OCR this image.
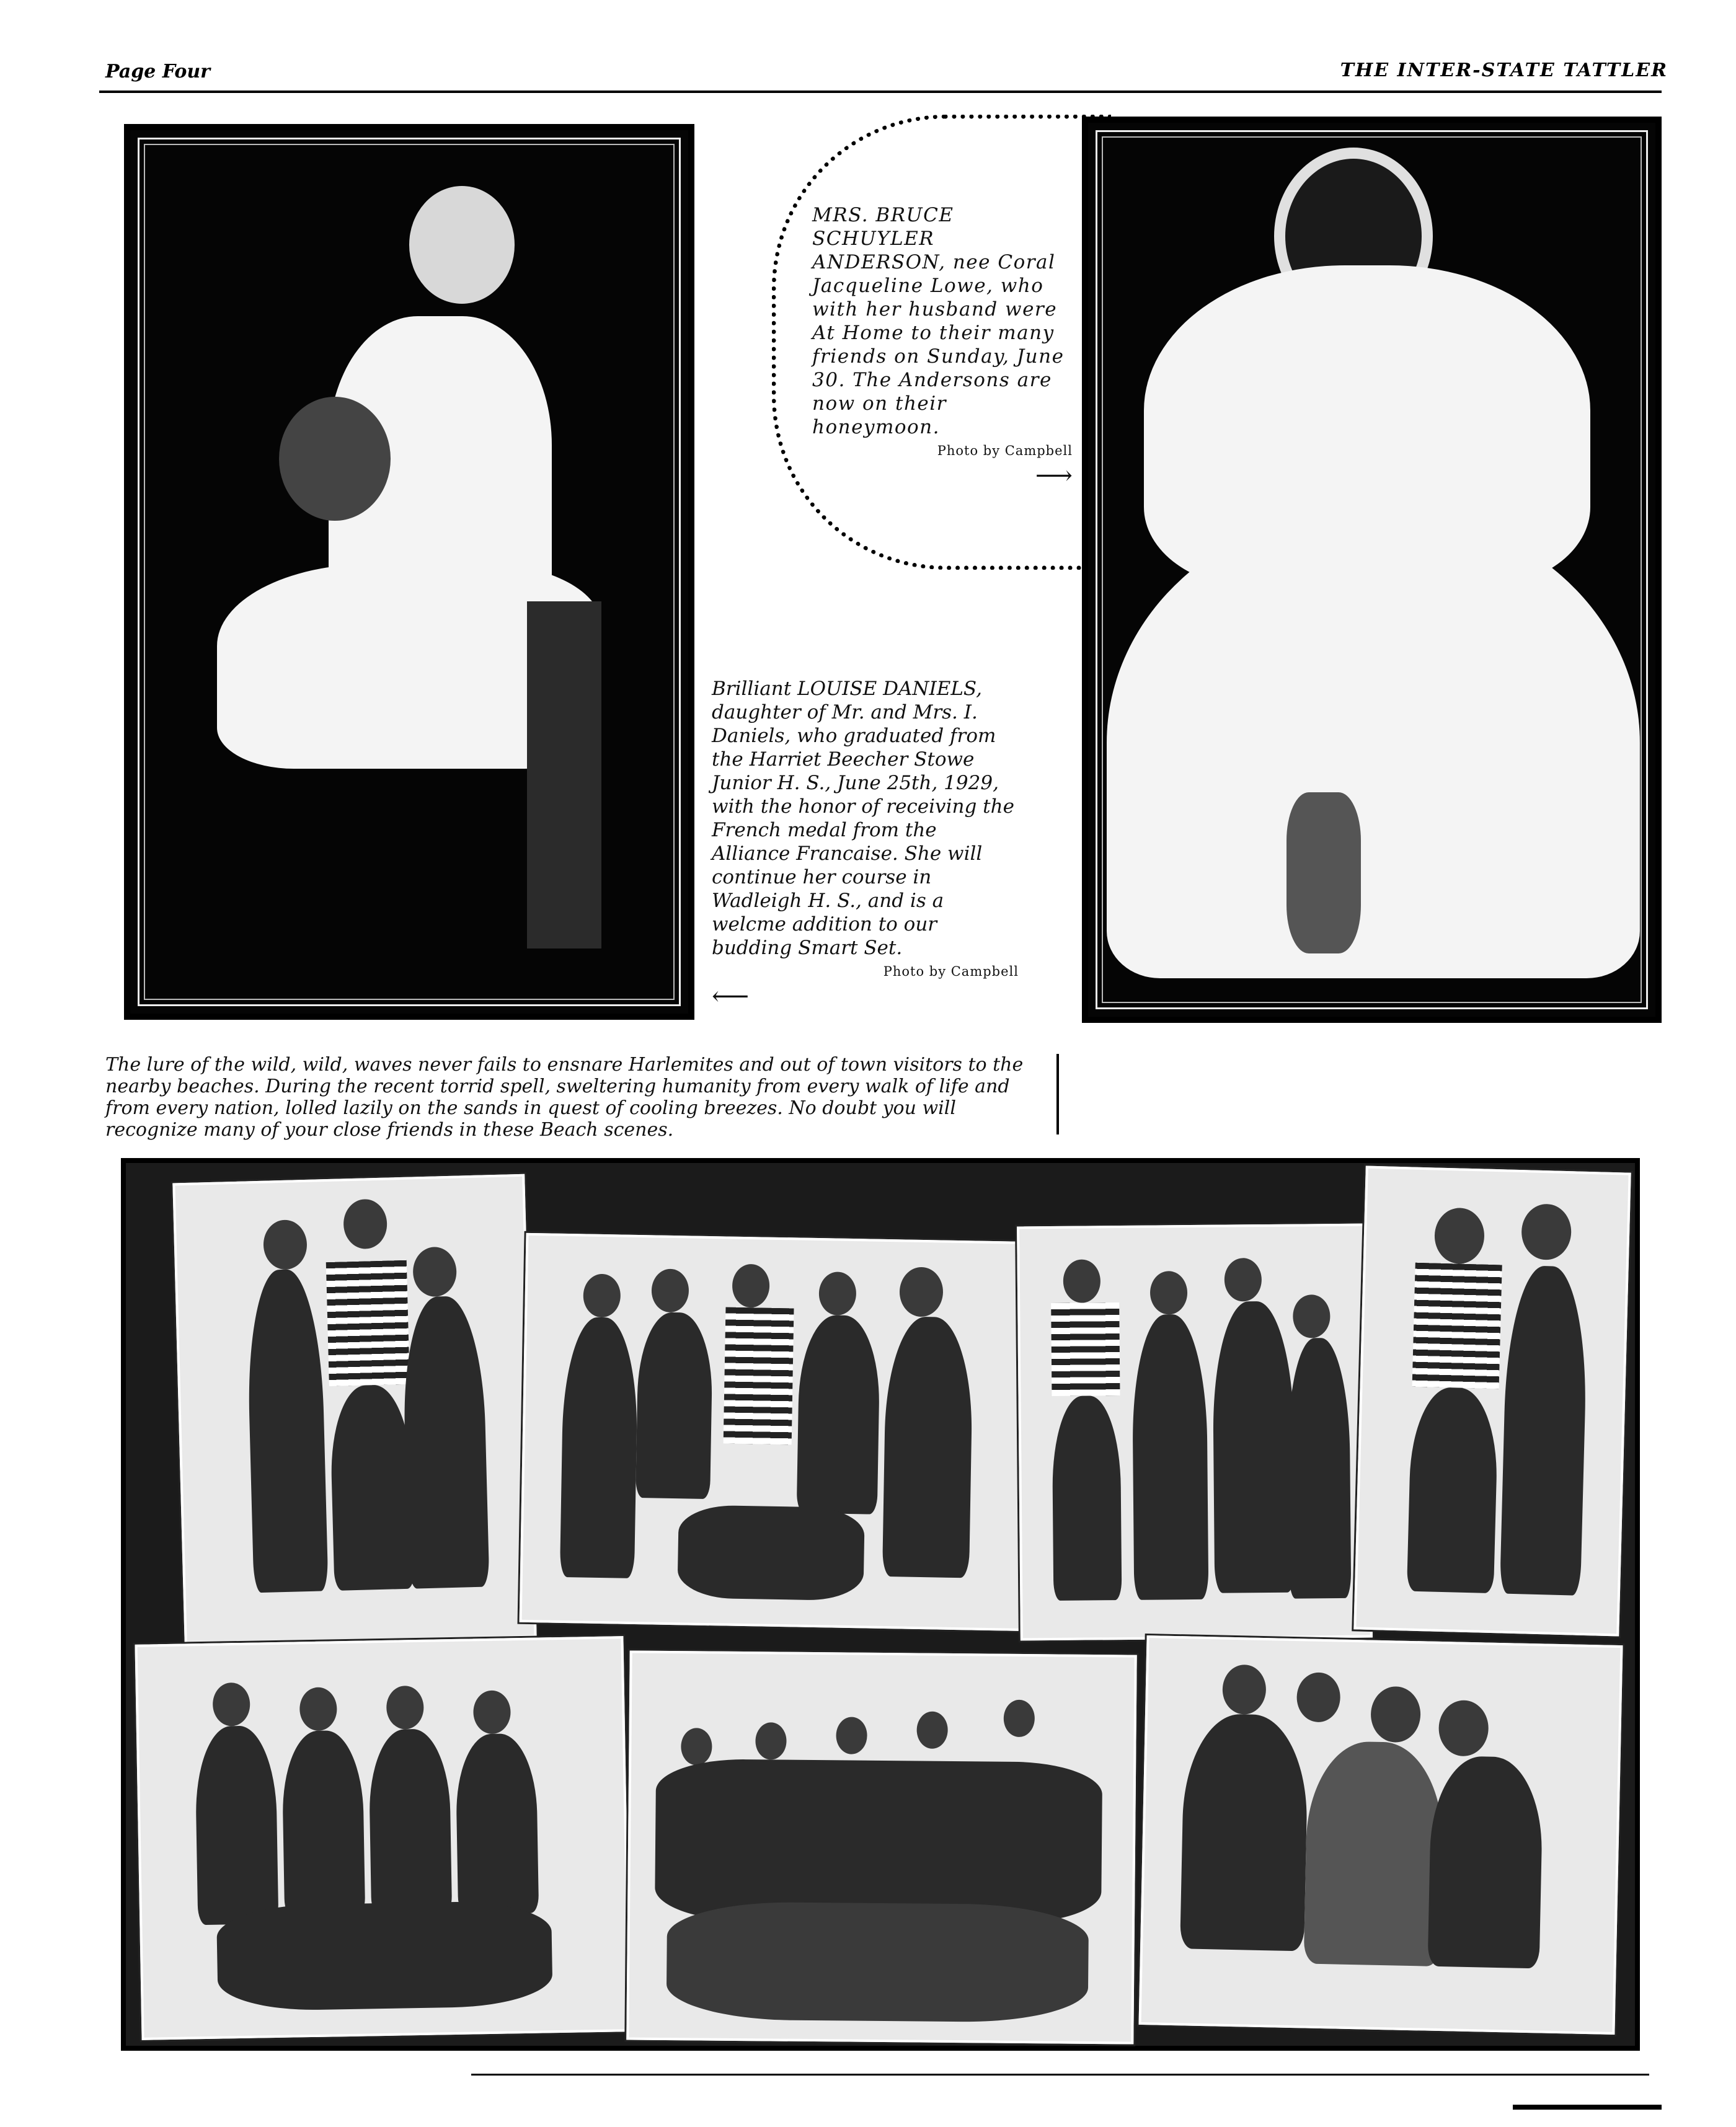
Page Four	THE INTER-STATE TATTLER
MRS. BRUCE SCHUYLER ANDERSON, nee Coral Jacqueline Lowe, who with her husband were At Home to their many friends on Sunday, June 30. The Andersons are now on their honeymoon.
Photo by Campbell
⟶
Brilliant LOUISE DANIELS, daughter of Mr. and Mrs. I. Daniels, who graduated from the Harriet Beecher Stowe Junior H. S., June 25th, 1929, with the honor of receiving the French medal from the Alliance Francaise. She will continue her course in Wadleigh H. S., and is a welcme addition to our budding Smart Set.
Photo by Campbell
⟵
The lure of the wild, wild, waves never fails to ensnare Harlemites and out of town visitors to the nearby beaches. During the recent torrid spell, sweltering humanity from every walk of life and from every nation, lolled lazily on the sands in quest of cooling breezes. No doubt you will recognize many of your close friends in these Beach scenes.
